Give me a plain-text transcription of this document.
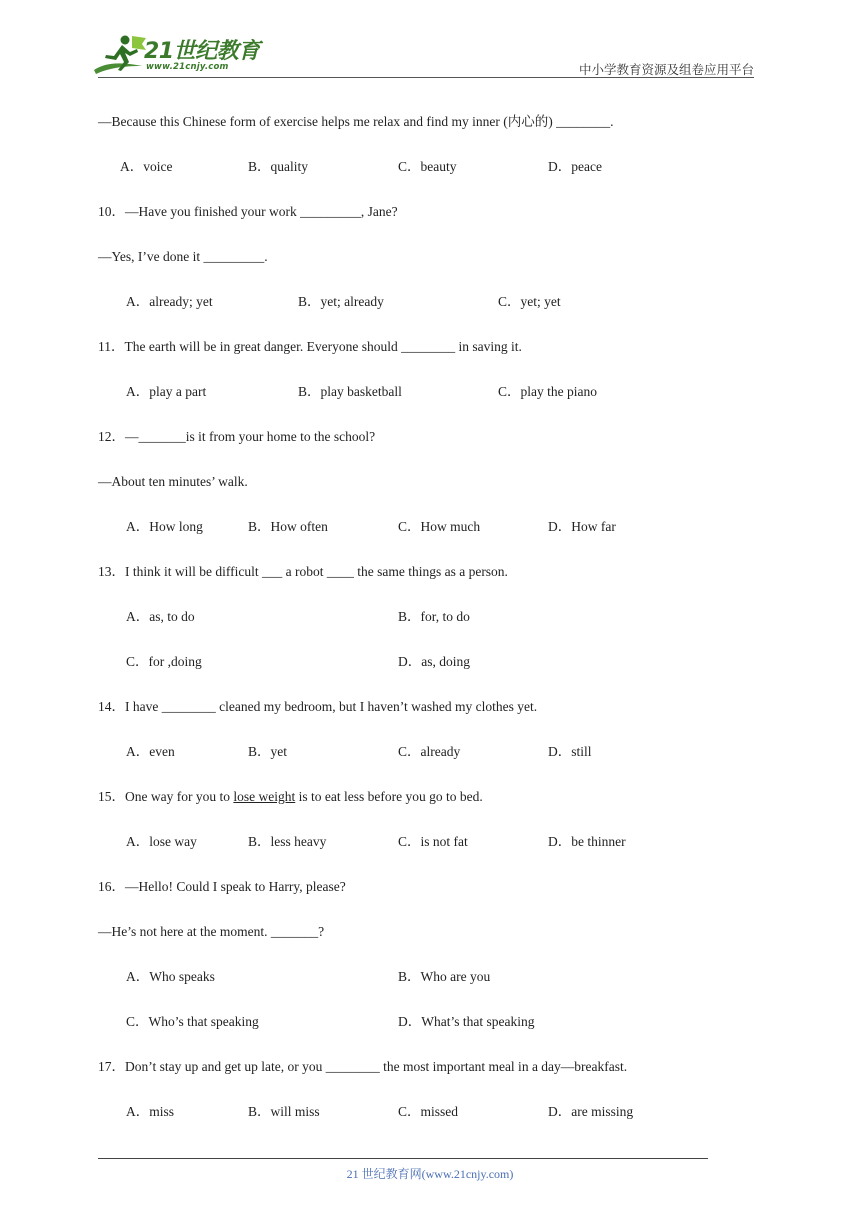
21世纪教育
www.21cnjy.com	中小学教育资源及组卷应用平台
—Because this Chinese form of exercise helps me relax and find my inner (内心的) ________.
A．voice	B．quality	C．beauty	D．peace
10．—Have you finished your work _________, Jane?
—Yes, I’ve done it _________.
A．already; yet	B．yet; already	C．yet; yet
11．The earth will be in great danger. Everyone should ________ in saving it.
A．play a part	B．play basketball	C．play the piano
12．—_______is it from your home to the school?
—About ten minutes’ walk.
A．How long	B．How often	C．How much	D．How far
13．I think it will be difficult ___ a robot ____ the same things as a person.
A．as, to do	B．for, to do
C．for ,doing	D．as, doing
14．I have ________ cleaned my bedroom, but I haven’t washed my clothes yet.
A．even	B．yet	C．already	D．still
15．One way for you to lose weight is to eat less before you go to bed.
A．lose way	B．less heavy	C．is not fat	D．be thinner
16．—Hello! Could I speak to Harry, please?
—He’s not here at the moment. _______?
A．Who speaks	B．Who are you
C．Who’s that speaking	D．What’s that speaking
17．Don’t stay up and get up late, or you ________ the most important meal in a day—breakfast.
A．miss	B．will miss	C．missed	D．are missing
21 世纪教育网(www.21cnjy.com)
